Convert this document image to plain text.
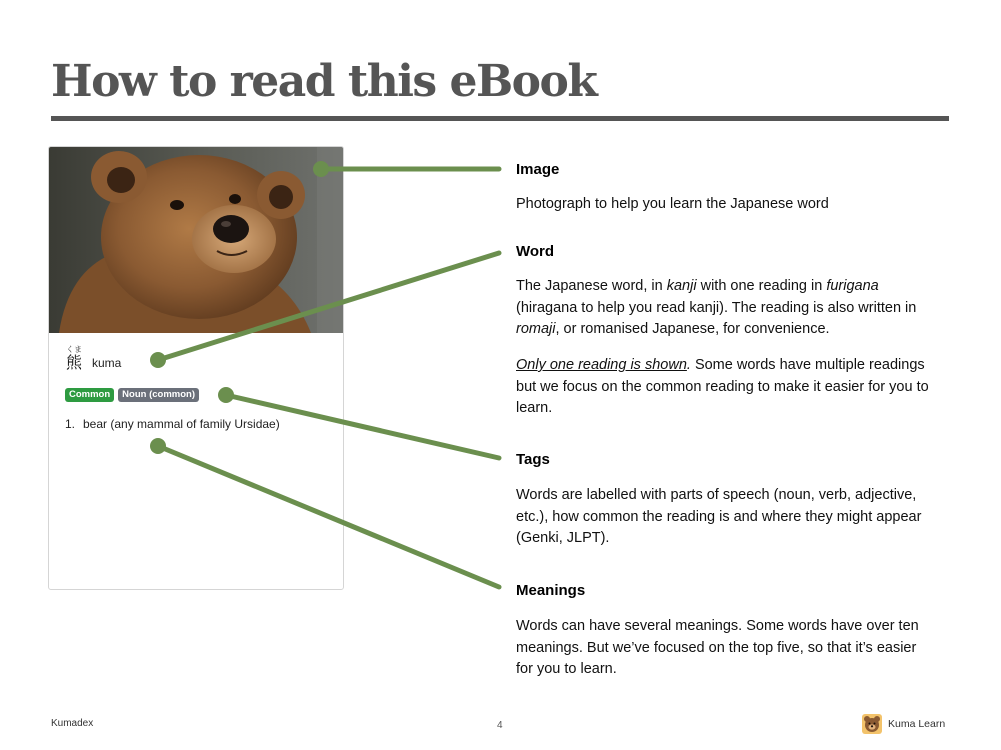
How to read this eBook
くま
熊 kuma
Common	Noun (common)
1. bear (any mammal of family Ursidae)
Image

Photograph to help you learn the Japanese word

Word

The Japanese word, in kanji with one reading in furigana (hiragana to help you read kanji). The reading is also written in romaji, or romanised Japanese, for convenience.

Only one reading is shown. Some words have multiple readings but we focus on the common reading to make it easier for you to learn.

Tags

Words are labelled with parts of speech (noun, verb, adjective, etc.), how common the reading is and where they might appear (Genki, JLPT).

Meanings

Words can have several meanings. Some words have over ten meanings. But we’ve focused on the top five, so that it’s easier for you to learn.

Kumadex	4	Kuma Learn
